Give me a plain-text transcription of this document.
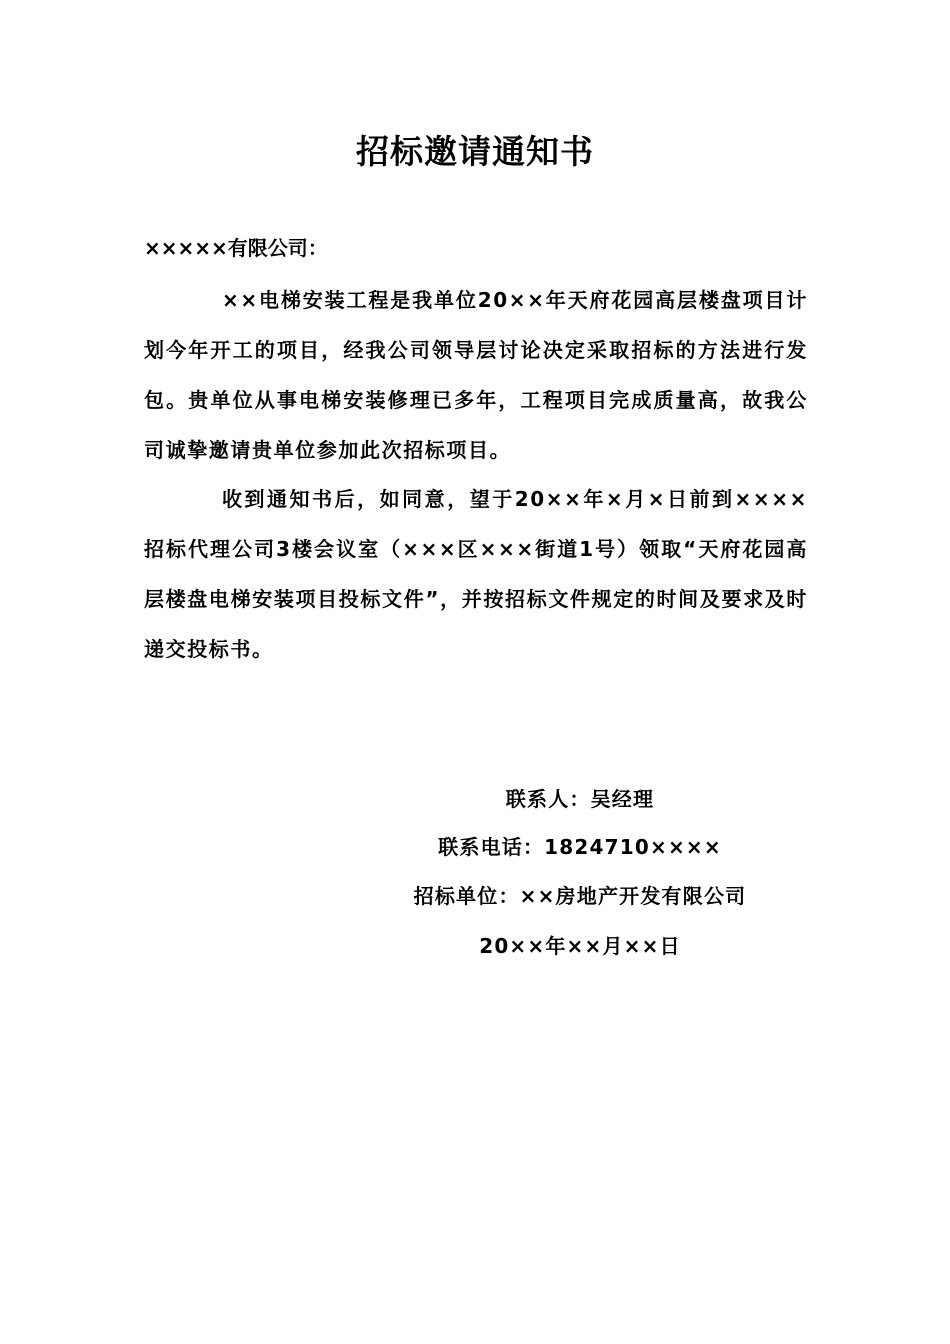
招标邀请通知书

×××××有限公司：

××电梯安装工程是我单位20××年天府花园高层楼盘项目计划今年开工的项目，经我公司领导层讨论决定采取招标的方法进行发包。贵单位从事电梯安装修理已多年，工程项目完成质量高，故我公司诚挚邀请贵单位参加此次招标项目。

收到通知书后，如同意，望于20××年×月×日前到××××招标代理公司3楼会议室（×××区×××街道1号）领取“天府花园高层楼盘电梯安装项目投标文件”，并按招标文件规定的时间及要求及时递交投标书。

联系人：吴经理

联系电话：1824710××××

招标单位：××房地产开发有限公司

20××年××月××日
